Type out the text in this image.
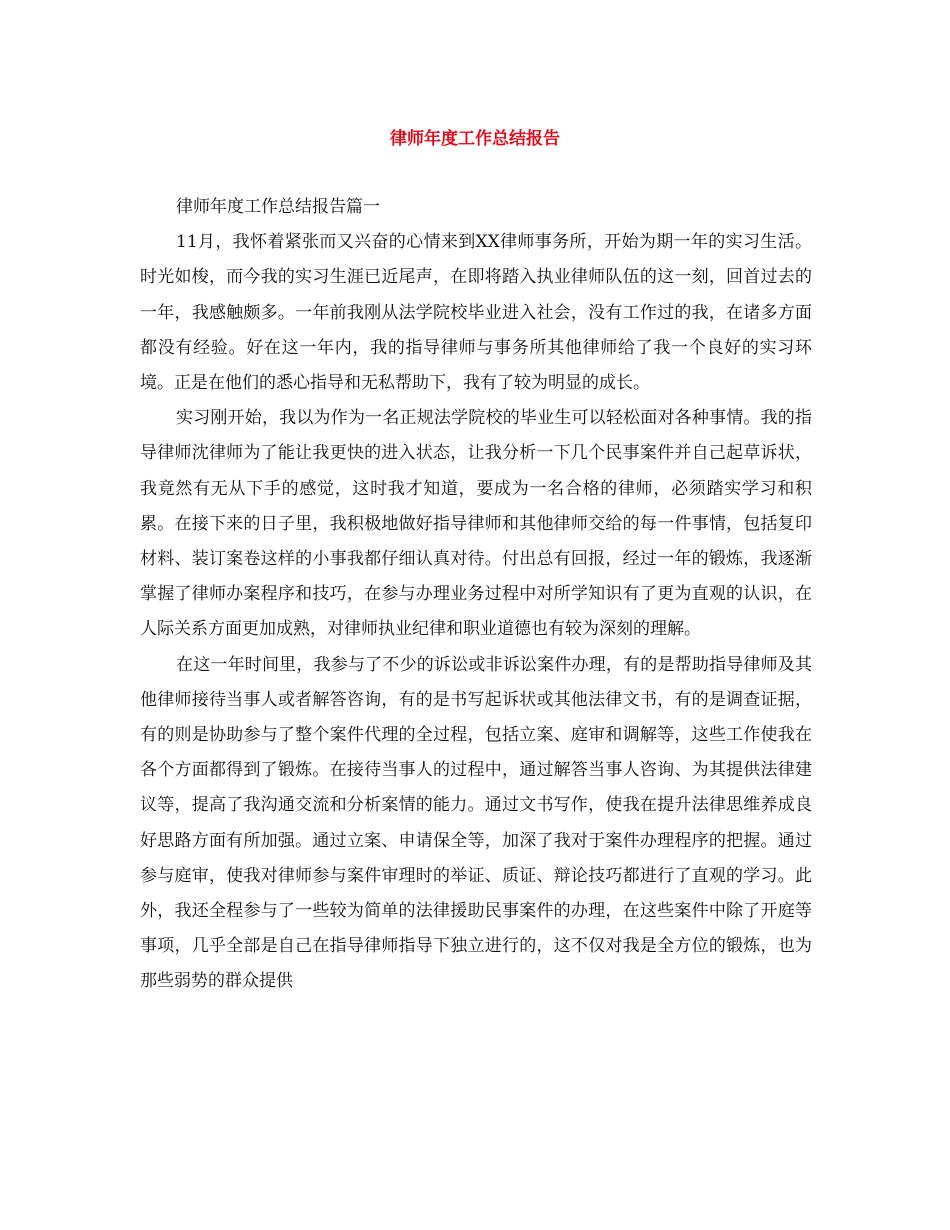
律师年度工作总结报告

律师年度工作总结报告篇一

11月，我怀着紧张而又兴奋的心情来到XX律师事务所，开始为期一年的实习生活。时光如梭，而今我的实习生涯已近尾声，在即将踏入执业律师队伍的这一刻，回首过去的一年，我感触颇多。一年前我刚从法学院校毕业进入社会，没有工作过的我，在诸多方面都没有经验。好在这一年内，我的指导律师与事务所其他律师给了我一个良好的实习环境。正是在他们的悉心指导和无私帮助下，我有了较为明显的成长。

实习刚开始，我以为作为一名正规法学院校的毕业生可以轻松面对各种事情。我的指导律师沈律师为了能让我更快的进入状态，让我分析一下几个民事案件并自己起草诉状，我竟然有无从下手的感觉，这时我才知道，要成为一名合格的律师，必须踏实学习和积累。在接下来的日子里，我积极地做好指导律师和其他律师交给的每一件事情，包括复印材料、装订案卷这样的小事我都仔细认真对待。付出总有回报，经过一年的锻炼，我逐渐掌握了律师办案程序和技巧，在参与办理业务过程中对所学知识有了更为直观的认识，在人际关系方面更加成熟，对律师执业纪律和职业道德也有较为深刻的理解。

在这一年时间里，我参与了不少的诉讼或非诉讼案件办理，有的是帮助指导律师及其他律师接待当事人或者解答咨询，有的是书写起诉状或其他法律文书，有的是调查证据，有的则是协助参与了整个案件代理的全过程，包括立案、庭审和调解等，这些工作使我在各个方面都得到了锻炼。在接待当事人的过程中，通过解答当事人咨询、为其提供法律建议等，提高了我沟通交流和分析案情的能力。通过文书写作，使我在提升法律思维养成良好思路方面有所加强。通过立案、申请保全等，加深了我对于案件办理程序的把握。通过参与庭审，使我对律师参与案件审理时的举证、质证、辩论技巧都进行了直观的学习。此外，我还全程参与了一些较为简单的法律援助民事案件的办理，在这些案件中除了开庭等事项，几乎全部是自己在指导律师指导下独立进行的，这不仅对我是全方位的锻炼，也为那些弱势的群众提供
